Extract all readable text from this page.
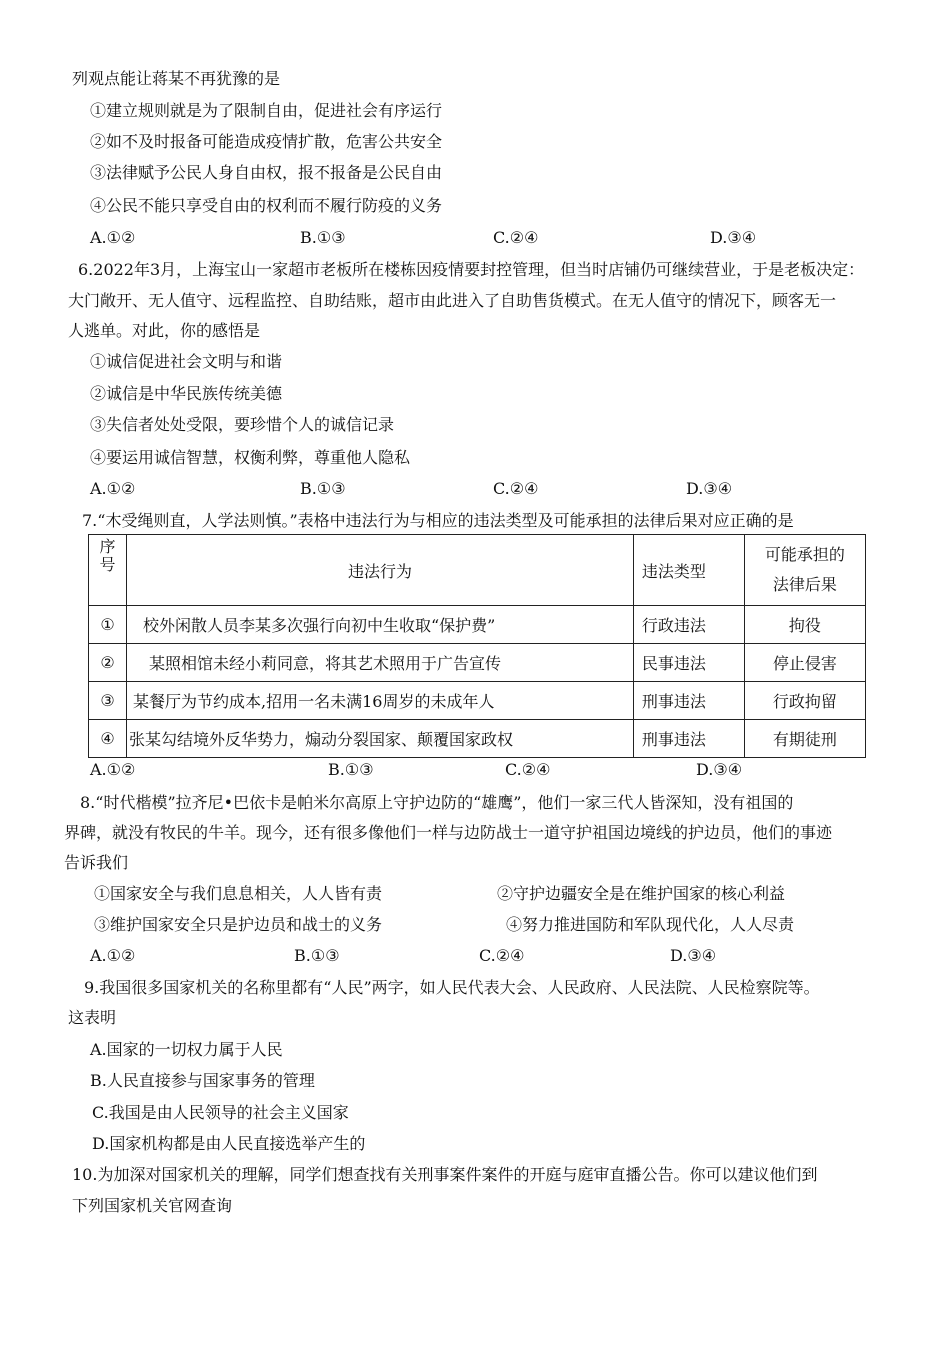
列观点能让蒋某不再犹豫的是
①建立规则就是为了限制自由，促进社会有序运行
②如不及时报备可能造成疫情扩散，危害公共安全
③法律赋予公民人身自由权，报不报备是公民自由
④公民不能只享受自由的权利而不履行防疫的义务
A.①②	B.①③	C.②④	D.③④
6.2022年3月，上海宝山一家超市老板所在楼栋因疫情要封控管理，但当时店铺仍可继续营业，于是老板决定：
大门敞开、无人值守、远程监控、自助结账，超市由此进入了自助售货模式。在无人值守的情况下，顾客无一
人逃单。对此，你的感悟是
①诚信促进社会文明与和谐
②诚信是中华民族传统美德
③失信者处处受限，要珍惜个人的诚信记录
④要运用诚信智慧，权衡利弊，尊重他人隐私
A.①②	B.①③	C.②④	D.③④
7.“木受绳则直，人学法则慎。”表格中违法行为与相应的违法类型及可能承担的法律后果对应正确的是
序
号	违法行为	违法类型	可能承担的
法律后果

①	校外闲散人员李某多次强行向初中生收取“保护费”	行政违法	拘役
②	某照相馆未经小莉同意，将其艺术照用于广告宣传	民事违法	停止侵害
③	某餐厅为节约成本,招用一名未满16周岁的未成年人	刑事违法	行政拘留
④	张某勾结境外反华势力，煽动分裂国家、颠覆国家政权	刑事违法	有期徒刑
A.①②	B.①③	C.②④	D.③④
8.“时代楷模”拉齐尼•巴依卡是帕米尔高原上守护边防的“雄鹰”，他们一家三代人皆深知，没有祖国的
界碑，就没有牧民的牛羊。现今，还有很多像他们一样与边防战士一道守护祖国边境线的护边员，他们的事迹
告诉我们
①国家安全与我们息息相关，人人皆有责	②守护边疆安全是在维护国家的核心利益
③维护国家安全只是护边员和战士的义务	④努力推进国防和军队现代化，人人尽责
A.①②	B.①③	C.②④	D.③④
9.我国很多国家机关的名称里都有“人民”两字，如人民代表大会、人民政府、人民法院、人民检察院等。
这表明
A.国家的一切权力属于人民
B.人民直接参与国家事务的管理
C.我国是由人民领导的社会主义国家
D.国家机构都是由人民直接选举产生的
10.为加深对国家机关的理解，同学们想查找有关刑事案件案件的开庭与庭审直播公告。你可以建议他们到
下列国家机关官网查询
